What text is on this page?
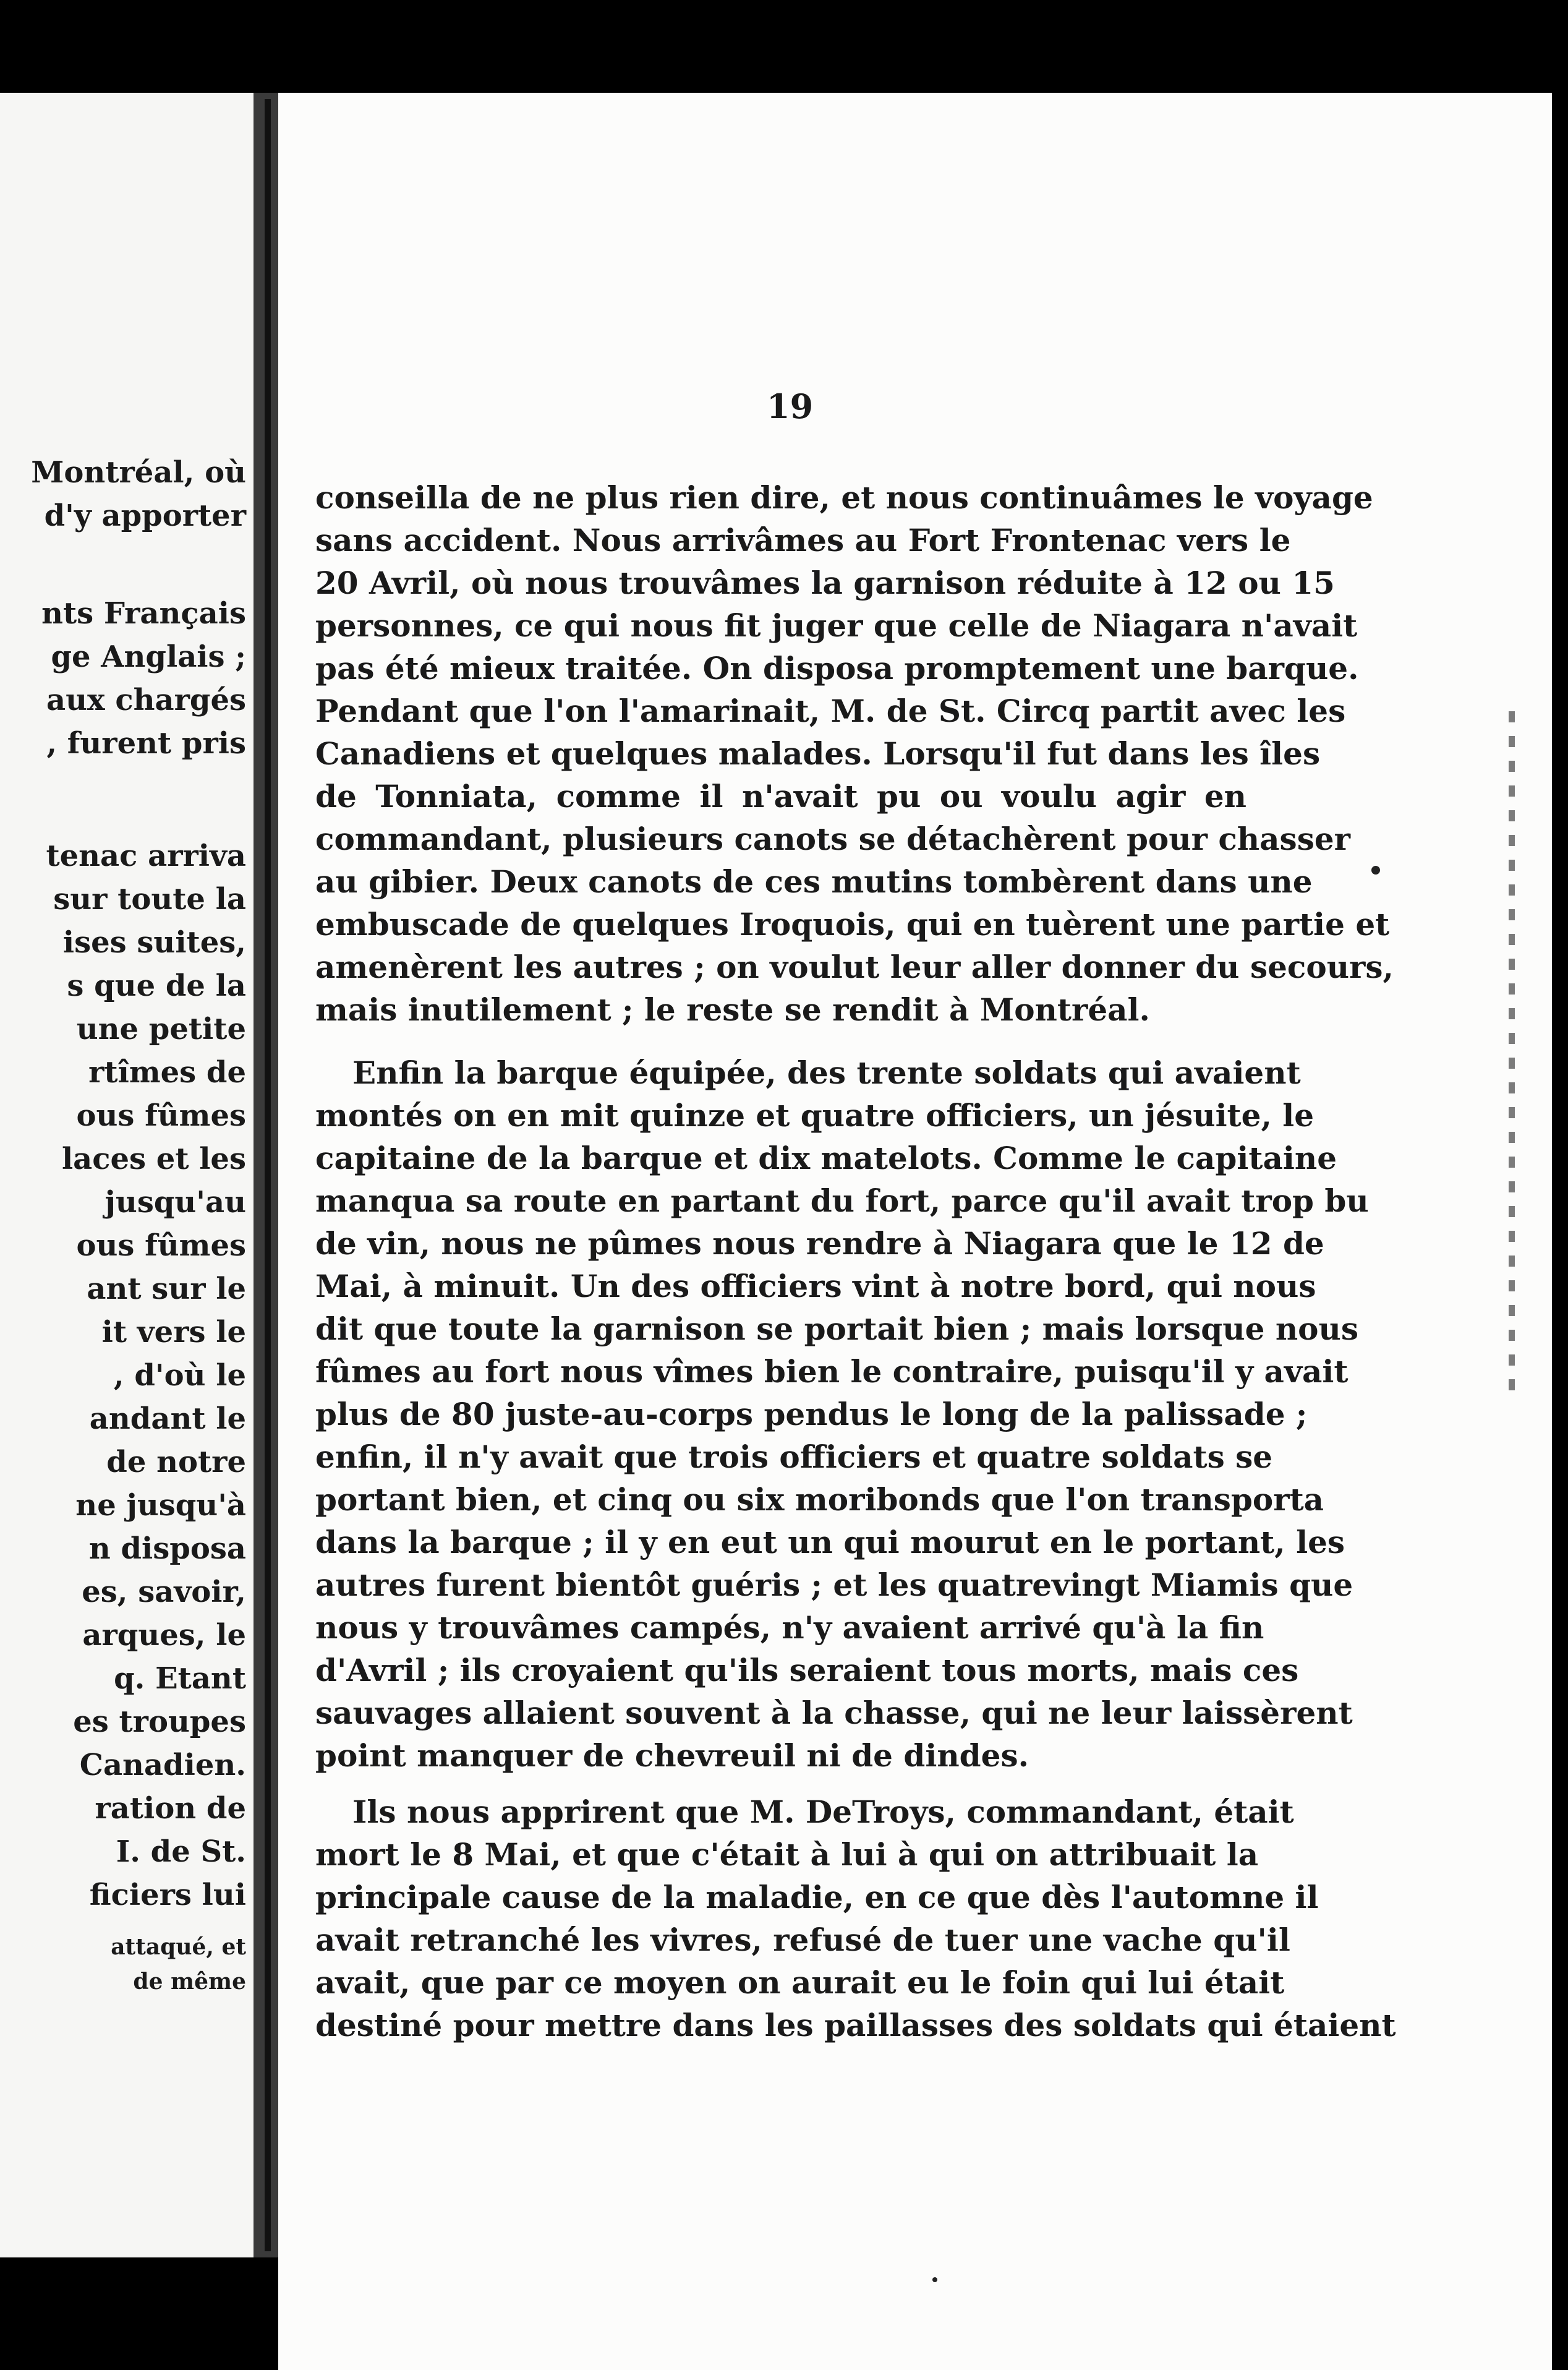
Montréal, où
d'y apporter
nts Français
ge Anglais ;
aux chargés
, furent pris
tenac arriva
sur toute la
ises suites,
s que de la
une petite
rtîmes de
ous fûmes
laces et les
jusqu'au
ous fûmes
ant sur le
it vers le
, d'où le
andant le
de notre
ne jusqu'à
n disposa
es, savoir,
arques, le
q. Etant
es troupes
Canadien.
ration de
I. de St.
ficiers lui
attaqué, et
de même
19
conseilla de ne plus rien dire, et nous continuâmes le voyage
sans accident. Nous arrivâmes au Fort Frontenac vers le
20 Avril, où nous trouvâmes la garnison réduite à 12 ou 15
personnes, ce qui nous fit juger que celle de Niagara n'avait
pas été mieux traitée. On disposa promptement une barque.
Pendant que l'on l'amarinait, M. de St. Circq partit avec les
Canadiens et quelques malades. Lorsqu'il fut dans les îles
de Tonniata, comme il n'avait pu ou voulu agir en
commandant, plusieurs canots se détachèrent pour chasser
au gibier. Deux canots de ces mutins tombèrent dans une
embuscade de quelques Iroquois, qui en tuèrent une partie et
amenèrent les autres ; on voulut leur aller donner du secours,
mais inutilement ; le reste se rendit à Montréal.
Enfin la barque équipée, des trente soldats qui avaient
montés on en mit quinze et quatre officiers, un jésuite, le
capitaine de la barque et dix matelots. Comme le capitaine
manqua sa route en partant du fort, parce qu'il avait trop bu
de vin, nous ne pûmes nous rendre à Niagara que le 12 de
Mai, à minuit. Un des officiers vint à notre bord, qui nous
dit que toute la garnison se portait bien ; mais lorsque nous
fûmes au fort nous vîmes bien le contraire, puisqu'il y avait
plus de 80 juste-au-corps pendus le long de la palissade ;
enfin, il n'y avait que trois officiers et quatre soldats se
portant bien, et cinq ou six moribonds que l'on transporta
dans la barque ; il y en eut un qui mourut en le portant, les
autres furent bientôt guéris ; et les quatrevingt Miamis que
nous y trouvâmes campés, n'y avaient arrivé qu'à la fin
d'Avril ; ils croyaient qu'ils seraient tous morts, mais ces
sauvages allaient souvent à la chasse, qui ne leur laissèrent
point manquer de chevreuil ni de dindes.
Ils nous apprirent que M. DeTroys, commandant, était
mort le 8 Mai, et que c'était à lui à qui on attribuait la
principale cause de la maladie, en ce que dès l'automne il
avait retranché les vivres, refusé de tuer une vache qu'il
avait, que par ce moyen on aurait eu le foin qui lui était
destiné pour mettre dans les paillasses des soldats qui étaient
